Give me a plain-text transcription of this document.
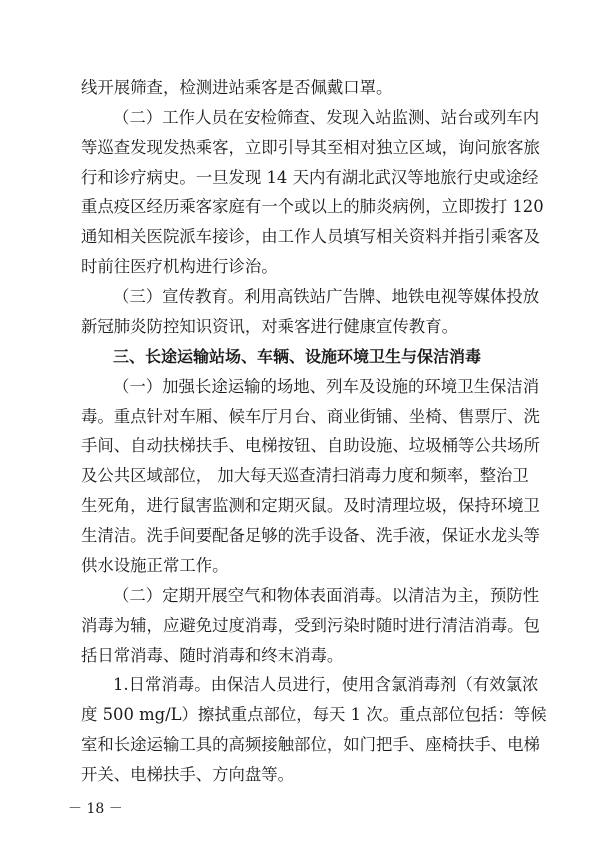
线开展筛查，检测进站乘客是否佩戴口罩。
（二）工作人员在安检筛查、发现入站监测、站台或列车内
等巡查发现发热乘客，立即引导其至相对独立区域，询问旅客旅
行和诊疗病史。一旦发现 14 天内有湖北武汉等地旅行史或途经
重点疫区经历乘客家庭有一个或以上的肺炎病例，立即拨打 120
通知相关医院派车接诊，由工作人员填写相关资料并指引乘客及
时前往医疗机构进行诊治。
（三）宣传教育。利用高铁站广告牌、地铁电视等媒体投放
新冠肺炎防控知识资讯，对乘客进行健康宣传教育。
三、长途运输站场、车辆、设施环境卫生与保洁消毒
（一）加强长途运输的场地、列车及设施的环境卫生保洁消
毒。重点针对车厢、候车厅月台、商业街铺、坐椅、售票厅、洗
手间、自动扶梯扶手、电梯按钮、自助设施、垃圾桶等公共场所
及公共区域部位， 加大每天巡查清扫消毒力度和频率，整治卫
生死角，进行鼠害监测和定期灭鼠。及时清理垃圾，保持环境卫
生清洁。洗手间要配备足够的洗手设备、洗手液，保证水龙头等
供水设施正常工作。
（二）定期开展空气和物体表面消毒。以清洁为主，预防性
消毒为辅，应避免过度消毒，受到污染时随时进行清洁消毒。包
括日常消毒、随时消毒和终末消毒。
1.日常消毒。由保洁人员进行，使用含氯消毒剂（有效氯浓
度 500 mg/L）擦拭重点部位，每天 1 次。重点部位包括：等候
室和长途运输工具的高频接触部位，如门把手、座椅扶手、电梯
开关、电梯扶手、方向盘等。
－ 18 －
